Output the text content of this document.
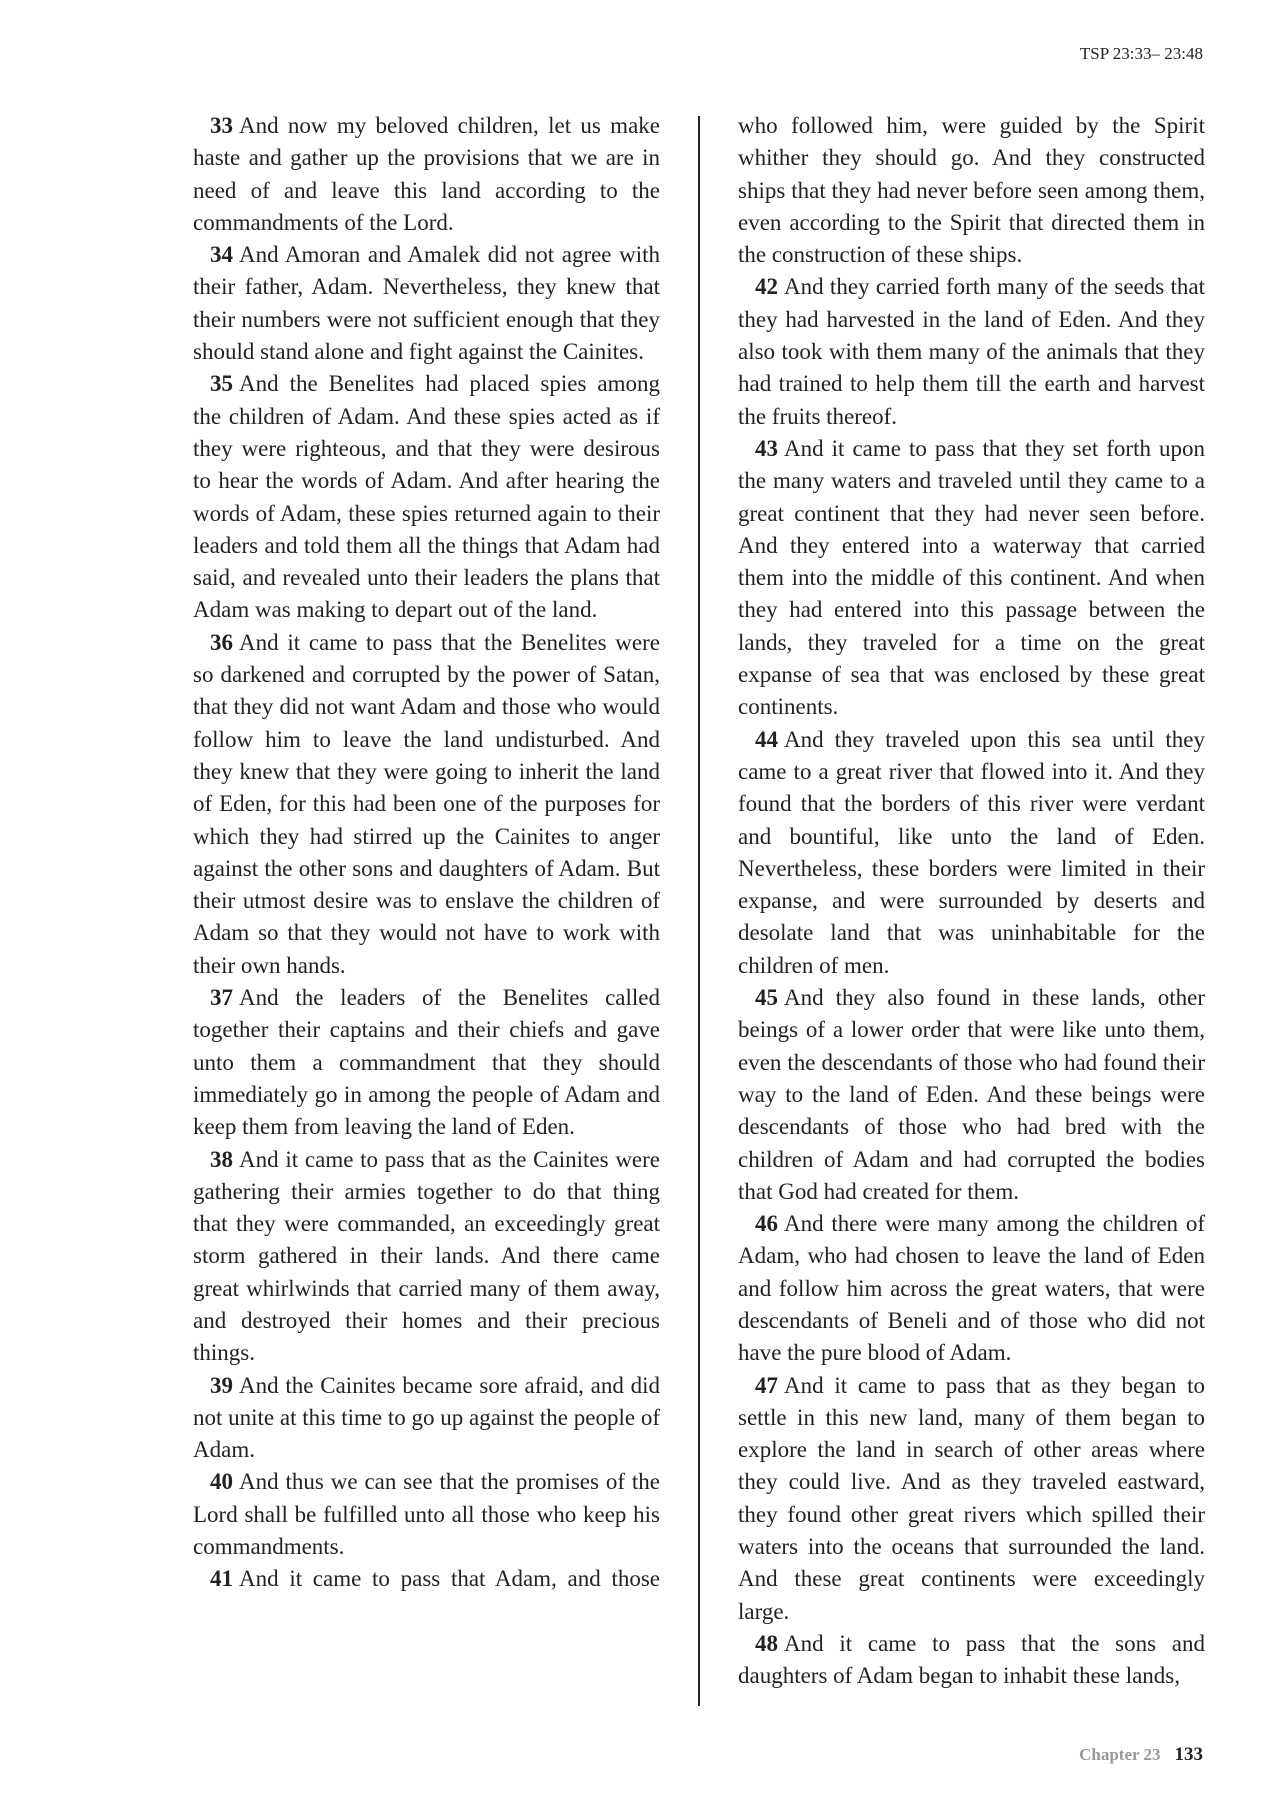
TSP 23:33– 23:48

33 And now my beloved children, let us make haste and gather up the provisions that we are in need of and leave this land according to the commandments of the Lord.

34 And Amoran and Amalek did not agree with their father, Adam. Nevertheless, they knew that their numbers were not sufficient enough that they should stand alone and fight against the Cainites.

35 And the Benelites had placed spies among the children of Adam. And these spies acted as if they were righteous, and that they were desirous to hear the words of Adam. And after hearing the words of Adam, these spies returned again to their leaders and told them all the things that Adam had said, and revealed unto their leaders the plans that Adam was making to depart out of the land.

36 And it came to pass that the Benelites were so darkened and corrupted by the power of Satan, that they did not want Adam and those who would follow him to leave the land undisturbed. And they knew that they were going to inherit the land of Eden, for this had been one of the purposes for which they had stirred up the Cainites to anger against the other sons and daughters of Adam. But their utmost desire was to enslave the children of Adam so that they would not have to work with their own hands.

37 And the leaders of the Benelites called together their captains and their chiefs and gave unto them a commandment that they should immediately go in among the people of Adam and keep them from leaving the land of Eden.

38 And it came to pass that as the Cainites were gathering their armies together to do that thing that they were commanded, an exceedingly great storm gathered in their lands. And there came great whirlwinds that carried many of them away, and destroyed their homes and their precious things.

39 And the Cainites became sore afraid, and did not unite at this time to go up against the people of Adam.

40 And thus we can see that the promises of the Lord shall be fulfilled unto all those who keep his commandments.

41 And it came to pass that Adam, and those

who followed him, were guided by the Spirit whither they should go. And they constructed ships that they had never before seen among them, even according to the Spirit that directed them in the construction of these ships.

42 And they carried forth many of the seeds that they had harvested in the land of Eden. And they also took with them many of the animals that they had trained to help them till the earth and harvest the fruits thereof.

43 And it came to pass that they set forth upon the many waters and traveled until they came to a great continent that they had never seen before. And they entered into a waterway that carried them into the middle of this continent. And when they had entered into this passage between the lands, they traveled for a time on the great expanse of sea that was enclosed by these great continents.

44 And they traveled upon this sea until they came to a great river that flowed into it. And they found that the borders of this river were verdant and bountiful, like unto the land of Eden. Nevertheless, these borders were limited in their expanse, and were surrounded by deserts and desolate land that was uninhabitable for the children of men.

45 And they also found in these lands, other beings of a lower order that were like unto them, even the descendants of those who had found their way to the land of Eden. And these beings were descendants of those who had bred with the children of Adam and had corrupted the bodies that God had created for them.

46 And there were many among the children of Adam, who had chosen to leave the land of Eden and follow him across the great waters, that were descendants of Beneli and of those who did not have the pure blood of Adam.

47 And it came to pass that as they began to settle in this new land, many of them began to explore the land in search of other areas where they could live. And as they traveled eastward, they found other great rivers which spilled their waters into the oceans that surrounded the land. And these great continents were exceedingly large.

48 And it came to pass that the sons and daughters of Adam began to inhabit these lands,

Chapter 23 133
